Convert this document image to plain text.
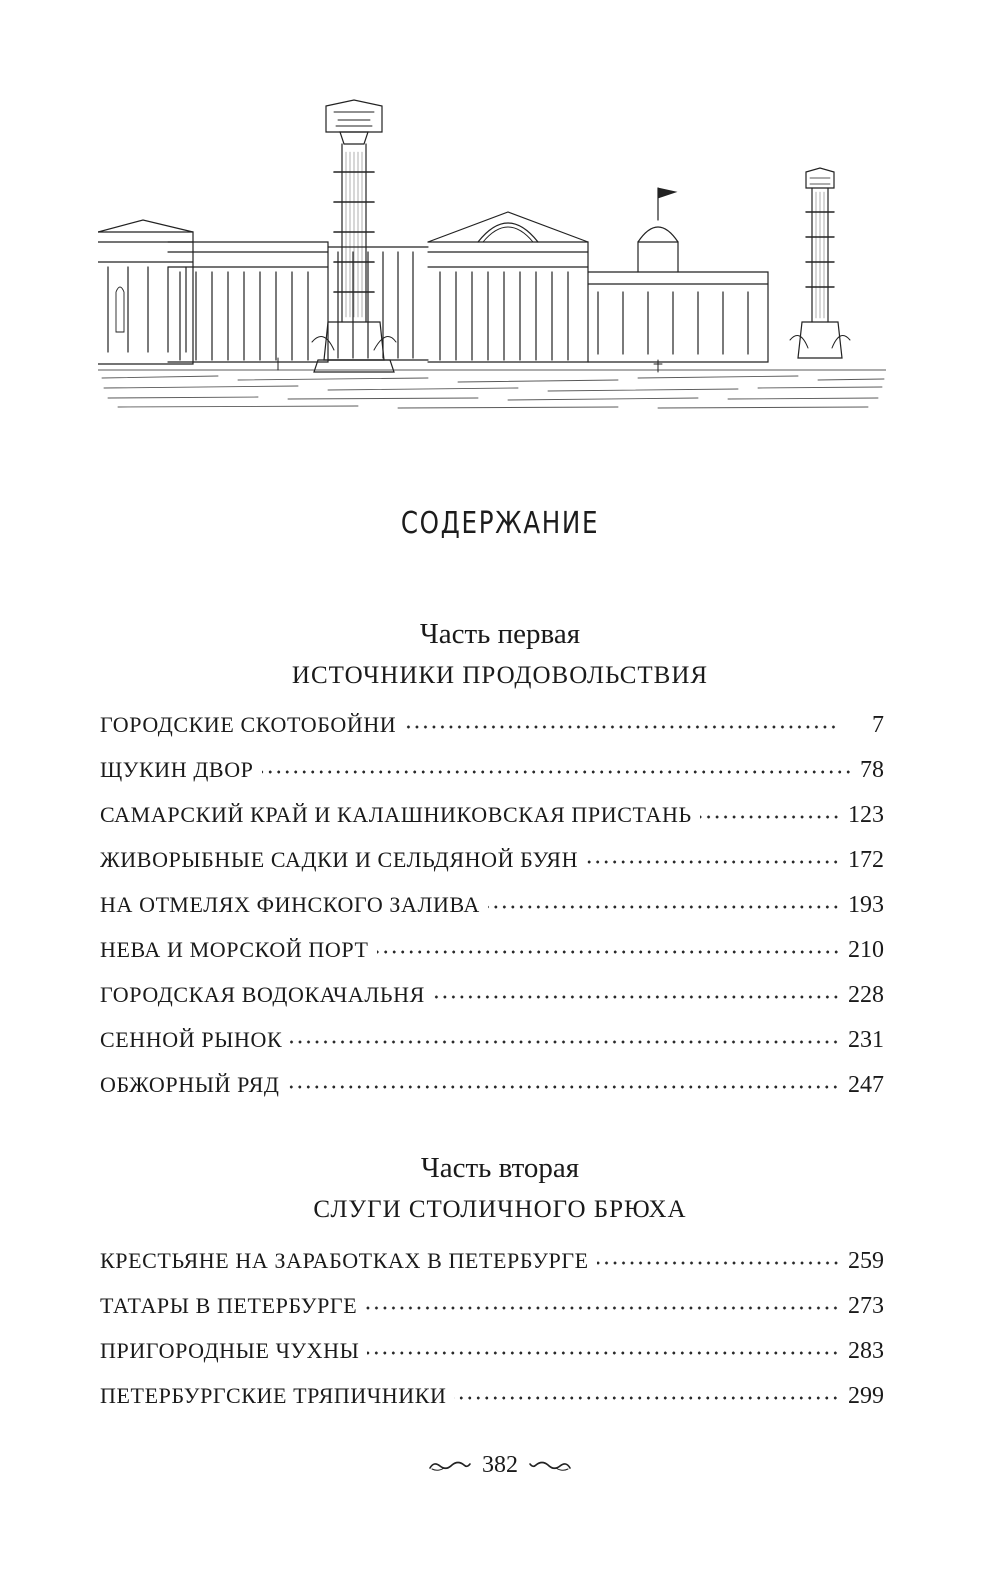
СОДЕРЖАНИЕ
Часть первая
ИСТОЧНИКИ ПРОДОВОЛЬСТВИЯ
ГОРОДСКИЕ СКОТОБОЙНИ	7
ЩУКИН ДВОР	78
САМАРСКИЙ КРАЙ И КАЛАШНИКОВСКАЯ ПРИСТАНЬ	123
ЖИВОРЫБНЫЕ САДКИ И СЕЛЬДЯНОЙ БУЯН	172
НА ОТМЕЛЯХ ФИНСКОГО ЗАЛИВА	193
НЕВА И МОРСКОЙ ПОРТ	210
ГОРОДСКАЯ ВОДОКАЧАЛЬНЯ	228
СЕННОЙ РЫНОК	231
ОБЖОРНЫЙ РЯД	247
Часть вторая
СЛУГИ СТОЛИЧНОГО БРЮХА
КРЕСТЬЯНЕ НА ЗАРАБОТКАХ В ПЕТЕРБУРГЕ	259
ТАТАРЫ В ПЕТЕРБУРГЕ	273
ПРИГОРОДНЫЕ ЧУХНЫ	283
ПЕТЕРБУРГСКИЕ ТРЯПИЧНИКИ	299
382
